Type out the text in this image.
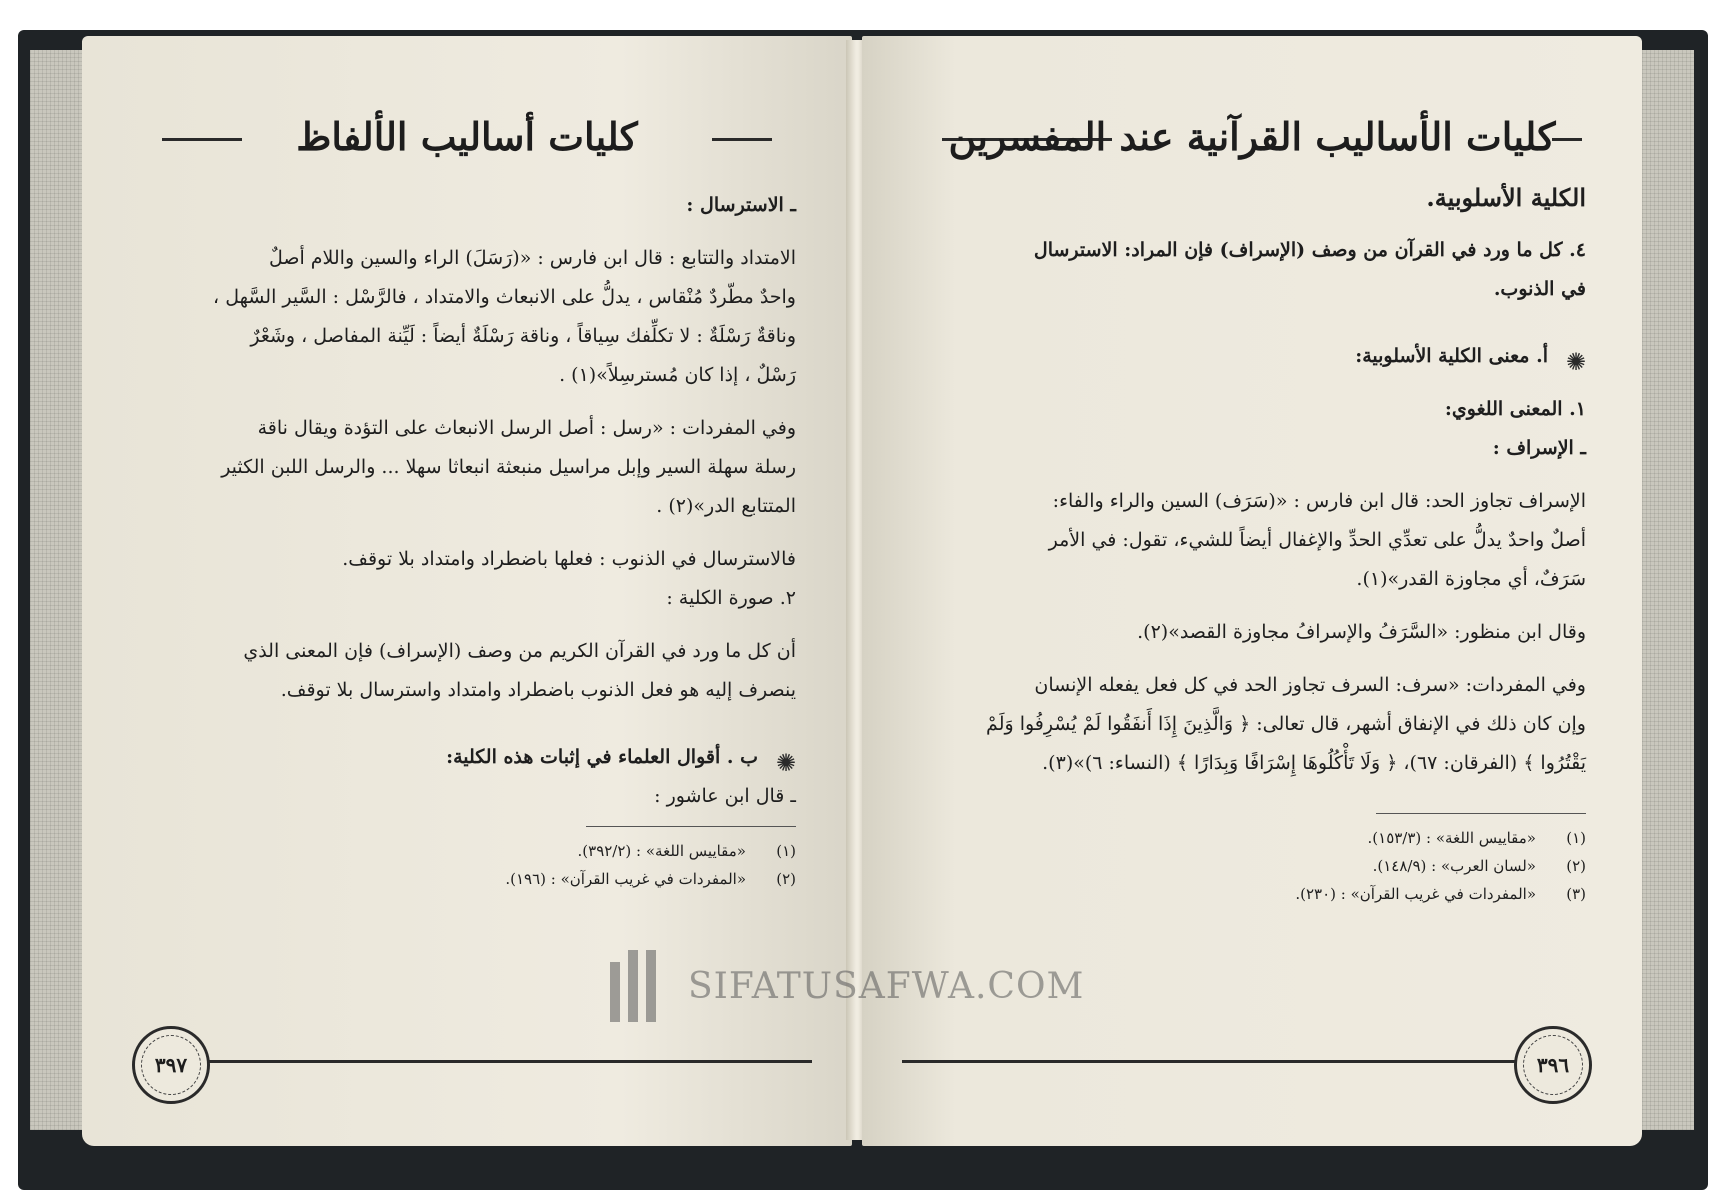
كليات أساليب الألفاظ

ـ الاسترسال :

الامتداد والتتابع : قال ابن فارس : «(رَسَلَ) الراء والسين واللام أصلٌ

واحدٌ مطّردٌ مُنْقاس ، يدلُّ على الانبعاث والامتداد ، فالرَّسْل : السَّير السَّهل ،

وناقةٌ رَسْلَةٌ : لا تكلِّفك سِياقاً ، وناقة رَسْلَةٌ أيضاً : لَيِّنة المفاصل ، وشَعْرٌ

رَسْلٌ ، إذا كان مُسترسِلاً»(١) .

وفي المفردات : «رسل : أصل الرسل الانبعاث على التؤدة ويقال ناقة

رسلة سهلة السير وإبل مراسيل منبعثة انبعاثا سهلا ... والرسل اللبن الكثير

المتتابع الدر»(٢) .

فالاسترسال في الذنوب : فعلها باضطراد وامتداد بلا توقف.

٢. صورة الكلية :

أن كل ما ورد في القرآن الكريم من وصف (الإسراف) فإن المعنى الذي

ينصرف إليه هو فعل الذنوب باضطراد وامتداد واسترسال بلا توقف.

✺
ب . أقوال العلماء في إثبات هذه الكلية:

ـ قال ابن عاشور :

(١)
«مقاييس اللغة» : (٣٩٢/٢).
(٢)
«المفردات في غريب القرآن» : (١٩٦).
٣٩٧
كليات الأساليب القرآنية عند المفسرين

الكلية الأسلوبية.

٤. كل ما ورد في القرآن من وصف (الإسراف) فإن المراد: الاسترسال

في الذنوب.

✺
أ. معنى الكلية الأسلوبية:

١. المعنى اللغوي:

ـ الإسراف :

الإسراف تجاوز الحد: قال ابن فارس : «(سَرَف) السين والراء والفاء:

أصلٌ واحدٌ يدلُّ على تعدِّي الحدِّ والإغفال أيضاً للشيء، تقول: في الأمر

سَرَفٌ، أي مجاوزة القدر»(١).

وقال ابن منظور: «السَّرَفُ والإسرافُ مجاوزة القصد»(٢).

وفي المفردات: «سرف: السرف تجاوز الحد في كل فعل يفعله الإنسان

وإن كان ذلك في الإنفاق أشهر، قال تعالى: ﴿ وَالَّذِينَ إِذَا أَنفَقُوا لَمْ يُسْرِفُوا وَلَمْ

يَقْتُرُوا ﴾ (الفرقان: ٦٧)، ﴿ وَلَا تَأْكُلُوهَا إِسْرَافًا وَبِدَارًا ﴾ (النساء: ٦)»(٣).

(١)
«مقاييس اللغة» : (١٥٣/٣).
(٢)
«لسان العرب» : (١٤٨/٩).
(٣)
«المفردات في غريب القرآن» : (٢٣٠).
٣٩٦
SIFATUSAFWA.COM
